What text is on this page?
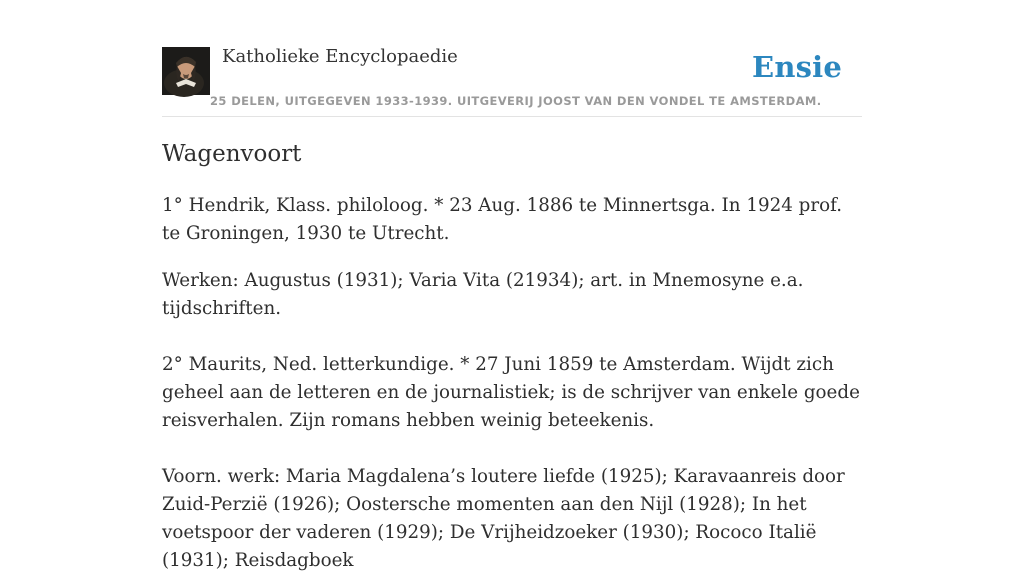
Katholieke Encyclopaedie	Ensie
25 DELEN, UITGEGEVEN 1933-1939. UITGEVERIJ JOOST VAN DEN VONDEL TE AMSTERDAM.
Wagenvoort

1° Hendrik, Klass. philoloog. * 23 Aug. 1886 te Minnertsga. In 1924 prof. te Groningen, 1930 te Utrecht.

Werken: Augustus (1931); Varia Vita (21934); art. in Mnemosyne e.a. tijdschriften.

2° Maurits, Ned. letterkundige. * 27 Juni 1859 te Amsterdam. Wijdt zich geheel aan de letteren en de journalistiek; is de schrijver van enkele goede reisverhalen. Zijn romans hebben weinig beteekenis.

Voorn. werk: Maria Magdalena’s loutere liefde (1925); Karavaanreis door Zuid-Perzië (1926); Oostersche momenten aan den Nijl (1928); In het voetspoor der vaderen (1929); De Vrijheidzoeker (1930); Rococo Italië (1931); Reisdagboek
